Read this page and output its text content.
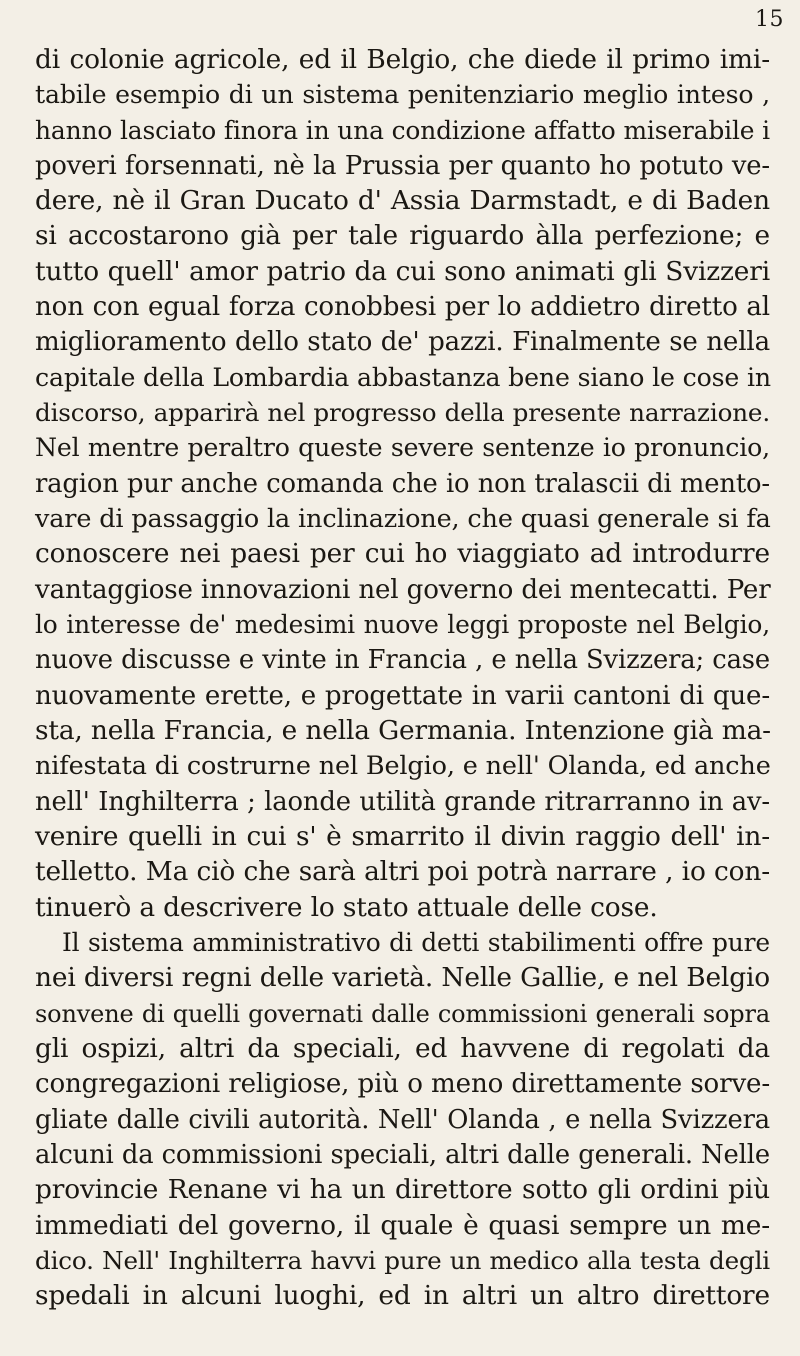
15
di colonie agricole, ed il Belgio, che diede il primo imi-
tabile esempio di un sistema penitenziario meglio inteso ,
hanno lasciato finora in una condizione affatto miserabile i
poveri forsennati, nè la Prussia per quanto ho potuto ve-
dere, nè il Gran Ducato d' Assia Darmstadt, e di Baden
si accostarono già per tale riguardo àlla perfezione; e
tutto quell' amor patrio da cui sono animati gli Svizzeri
non con egual forza conobbesi per lo addietro diretto al
miglioramento dello stato de' pazzi. Finalmente se nella
capitale della Lombardia abbastanza bene siano le cose in
discorso, apparirà nel progresso della presente narrazione.
Nel mentre peraltro queste severe sentenze io pronuncio,
ragion pur anche comanda che io non tralascii di mento-
vare di passaggio la inclinazione, che quasi generale si fa
conoscere nei paesi per cui ho viaggiato ad introdurre
vantaggiose innovazioni nel governo dei mentecatti. Per
lo interesse de' medesimi nuove leggi proposte nel Belgio,
nuove discusse e vinte in Francia , e nella Svizzera; case
nuovamente erette, e progettate in varii cantoni di que-
sta, nella Francia, e nella Germania. Intenzione già ma-
nifestata di costrurne nel Belgio, e nell' Olanda, ed anche
nell' Inghilterra ; laonde utilità grande ritrarranno in av-
venire quelli in cui s' è smarrito il divin raggio dell' in-
telletto. Ma ciò che sarà altri poi potrà narrare , io con-
tinuerò a descrivere lo stato attuale delle cose.
Il sistema amministrativo di detti stabilimenti offre pure
nei diversi regni delle varietà. Nelle Gallie, e nel Belgio
sonvene di quelli governati dalle commissioni generali sopra
gli ospizi, altri da speciali, ed havvene di regolati da
congregazioni religiose, più o meno direttamente sorve-
gliate dalle civili autorità. Nell' Olanda , e nella Svizzera
alcuni da commissioni speciali, altri dalle generali. Nelle
provincie Renane vi ha un direttore sotto gli ordini più
immediati del governo, il quale è quasi sempre un me-
dico. Nell' Inghilterra havvi pure un medico alla testa degli
spedali in alcuni luoghi, ed in altri un altro direttore
